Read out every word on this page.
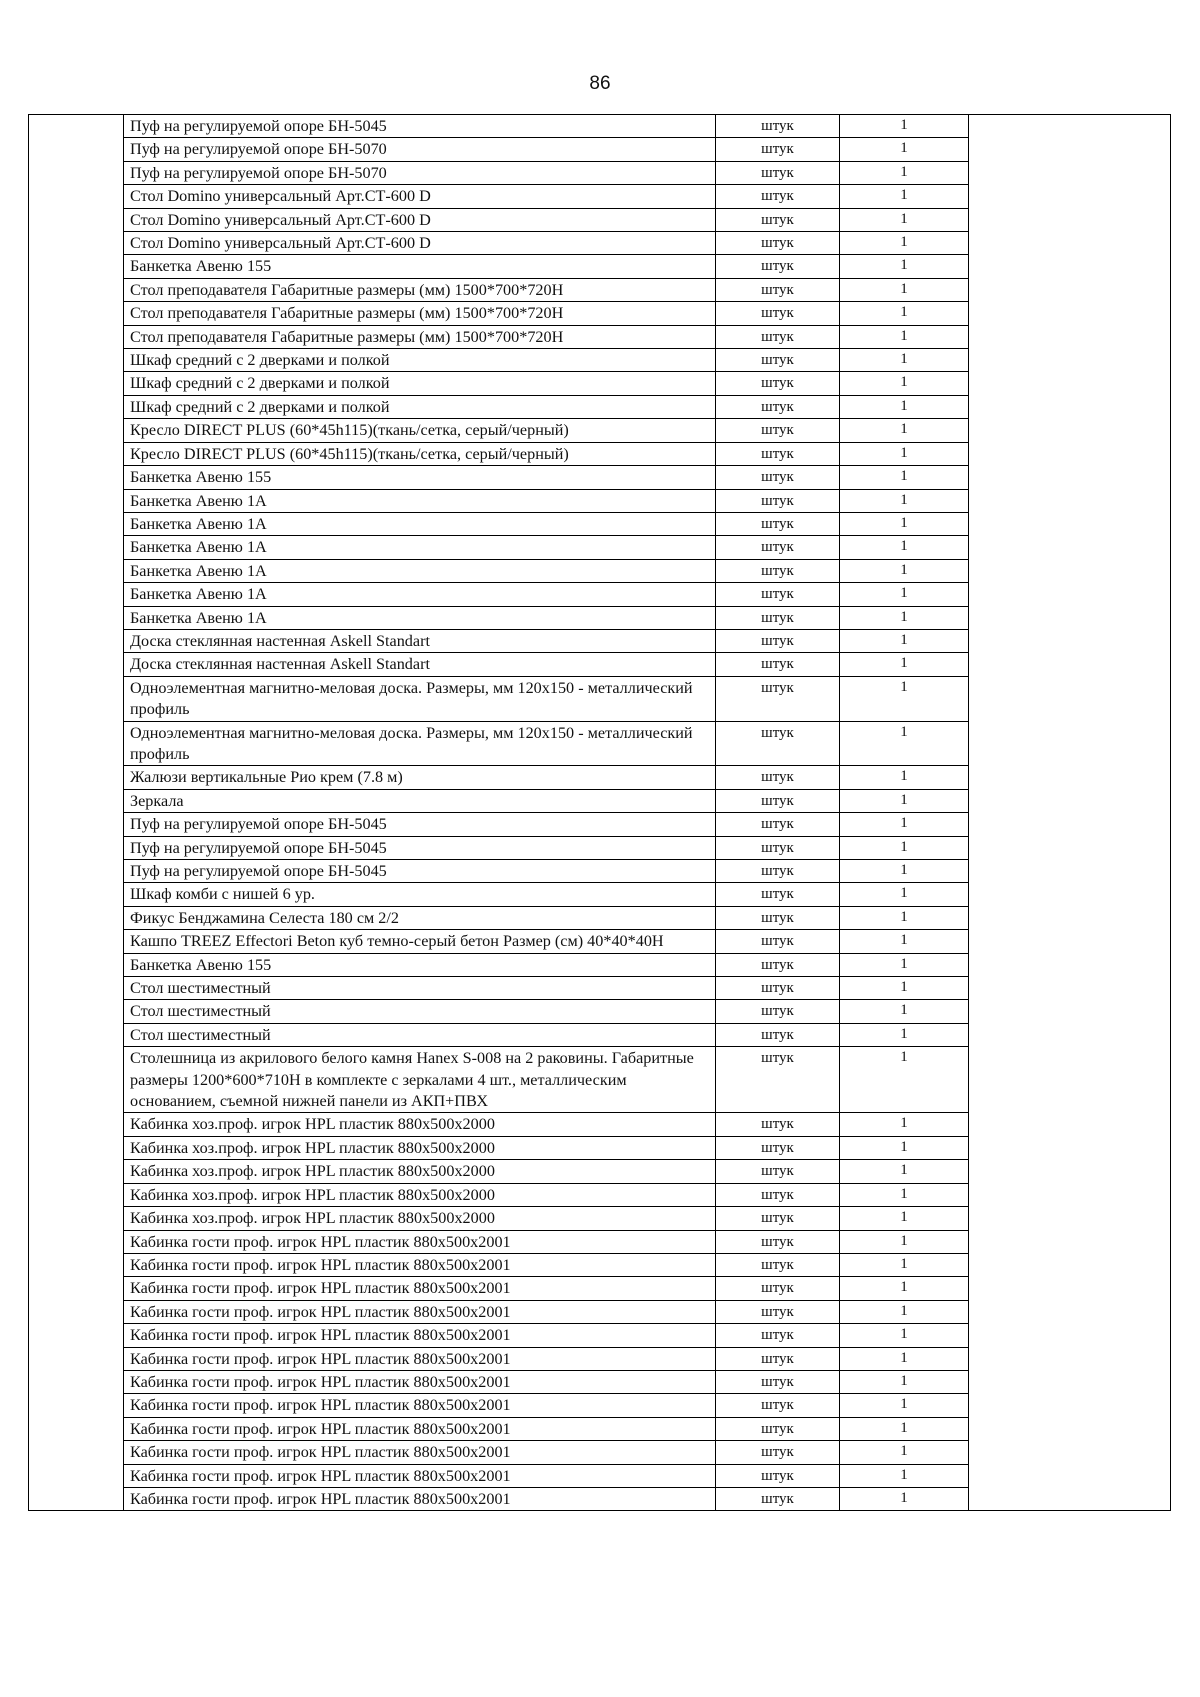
86
	Пуф на регулируемой опоре БН-5045	штук	1	
	Пуф на регулируемой опоре БН-5070	штук	1	
	Пуф на регулируемой опоре БН-5070	штук	1	
	Стол Domino универсальный Арт.СТ-600 D	штук	1	
	Стол Domino универсальный Арт.СТ-600 D	штук	1	
	Стол Domino универсальный Арт.СТ-600 D	штук	1	
	Банкетка Авеню 155	штук	1	
	Стол преподавателя Габаритные размеры (мм) 1500*700*720Н	штук	1	
	Стол преподавателя Габаритные размеры (мм) 1500*700*720Н	штук	1	
	Стол преподавателя Габаритные размеры (мм) 1500*700*720Н	штук	1	
	Шкаф средний с 2 дверками и полкой	штук	1	
	Шкаф средний с 2 дверками и полкой	штук	1	
	Шкаф средний с 2 дверками и полкой	штук	1	
	Кресло DIRECT PLUS (60*45h115)(ткань/сетка, серый/черный)	штук	1	
	Кресло DIRECT PLUS (60*45h115)(ткань/сетка, серый/черный)	штук	1	
	Банкетка Авеню 155	штук	1	
	Банкетка Авеню 1А	штук	1	
	Банкетка Авеню 1А	штук	1	
	Банкетка Авеню 1А	штук	1	
	Банкетка Авеню 1А	штук	1	
	Банкетка Авеню 1А	штук	1	
	Банкетка Авеню 1А	штук	1	
	Доска стеклянная настенная Askell Standart	штук	1	
	Доска стеклянная настенная Askell Standart	штук	1	
	Одноэлементная магнитно-меловая доска. Размеры, мм 120х150 - металлический профиль	штук	1	
	Одноэлементная магнитно-меловая доска. Размеры, мм 120х150 - металлический профиль	штук	1	
	Жалюзи вертикальные Рио крем (7.8 м)	штук	1	
	Зеркала	штук	1	
	Пуф на регулируемой опоре БН-5045	штук	1	
	Пуф на регулируемой опоре БН-5045	штук	1	
	Пуф на регулируемой опоре БН-5045	штук	1	
	Шкаф комби с нишей 6 ур.	штук	1	
	Фикус Бенджамина Селеста 180 см 2/2	штук	1	
	Кашпо TREEZ Effectori Beton куб темно-серый бетон Размер (см) 40*40*40Н	штук	1	
	Банкетка Авеню 155	штук	1	
	Стол шестиместный	штук	1	
	Стол шестиместный	штук	1	
	Стол шестиместный	штук	1	
	Столешница из акрилового белого камня Hanex S-008 на 2 раковины. Габаритные размеры 1200*600*710Н в комплекте с зеркалами 4 шт., металлическим основанием, съемной нижней панели из АКП+ПВХ	штук	1	
	Кабинка хоз.проф. игрок HPL пластик 880х500х2000	штук	1	
	Кабинка хоз.проф. игрок HPL пластик 880х500х2000	штук	1	
	Кабинка хоз.проф. игрок HPL пластик 880х500х2000	штук	1	
	Кабинка хоз.проф. игрок HPL пластик 880х500х2000	штук	1	
	Кабинка хоз.проф. игрок HPL пластик 880х500х2000	штук	1	
	Кабинка гости проф. игрок HPL пластик 880х500х2001	штук	1	
	Кабинка гости проф. игрок HPL пластик 880х500х2001	штук	1	
	Кабинка гости проф. игрок HPL пластик 880х500х2001	штук	1	
	Кабинка гости проф. игрок HPL пластик 880х500х2001	штук	1	
	Кабинка гости проф. игрок HPL пластик 880х500х2001	штук	1	
	Кабинка гости проф. игрок HPL пластик 880х500х2001	штук	1	
	Кабинка гости проф. игрок HPL пластик 880х500х2001	штук	1	
	Кабинка гости проф. игрок HPL пластик 880х500х2001	штук	1	
	Кабинка гости проф. игрок HPL пластик 880х500х2001	штук	1	
	Кабинка гости проф. игрок HPL пластик 880х500х2001	штук	1	
	Кабинка гости проф. игрок HPL пластик 880х500х2001	штук	1	
	Кабинка гости проф. игрок HPL пластик 880х500х2001	штук	1	
